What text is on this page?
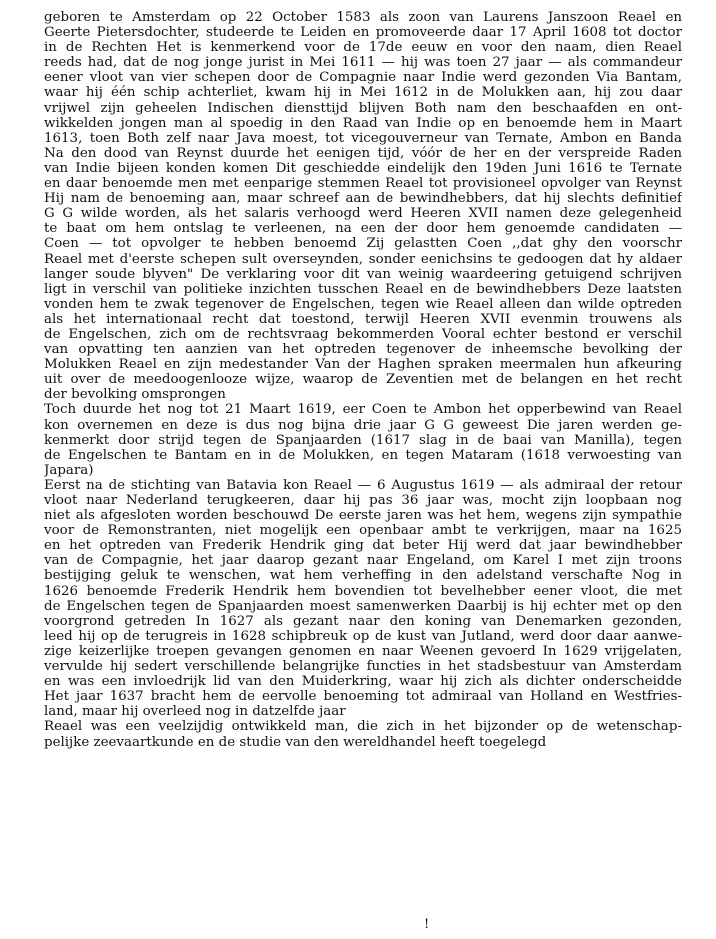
geboren te Amsterdam op 22 October 1583 als zoon van Laurens Janszoon Reael en
Geerte Pietersdochter, studeerde te Leiden en promoveerde daar 17 April 1608 tot doctor
in de Rechten Het is kenmerkend voor de 17de eeuw en voor den naam, dien Reael
reeds had, dat de nog jonge jurist in Mei 1611 — hij was toen 27 jaar — als commandeur
eener vloot van vier schepen door de Compagnie naar Indie werd gezonden Via Bantam,
waar hij één schip achterliet, kwam hij in Mei 1612 in de Molukken aan, hij zou daar
vrijwel zijn geheelen Indischen diensttijd blijven Both nam den beschaafden en ont-
wikkelden jongen man al spoedig in den Raad van Indie op en benoemde hem in Maart
1613, toen Both zelf naar Java moest, tot vicegouverneur van Ternate, Ambon en Banda
Na den dood van Reynst duurde het eenigen tijd, vóór de her en der verspreide Raden
van Indie bijeen konden komen Dit geschiedde eindelijk den 19den Juni 1616 te Ternate
en daar benoemde men met eenparige stemmen Reael tot provisioneel opvolger van Reynst
Hij nam de benoeming aan, maar schreef aan de bewindhebbers, dat hij slechts definitief
G G wilde worden, als het salaris verhoogd werd Heeren XVII namen deze gelegenheid
te baat om hem ontslag te verleenen, na een der door hem genoemde candidaten —
Coen — tot opvolger te hebben benoemd Zij gelastten Coen ,,dat ghy den voorschr
Reael met d'eerste schepen sult overseynden, sonder eenichsins te gedoogen dat hy aldaer
langer soude blyven" De verklaring voor dit van weinig waardeering getuigend schrijven
ligt in verschil van politieke inzichten tusschen Reael en de bewindhebbers Deze laatsten
vonden hem te zwak tegenover de Engelschen, tegen wie Reael alleen dan wilde optreden
als het internationaal recht dat toestond, terwijl Heeren XVII evenmin trouwens als
de Engelschen, zich om de rechtsvraag bekommerden Vooral echter bestond er verschil
van opvatting ten aanzien van het optreden tegenover de inheemsche bevolking der
Molukken Reael en zijn medestander Van der Haghen spraken meermalen hun afkeuring
uit over de meedoogenlooze wijze, waarop de Zeventien met de belangen en het recht
der bevolking omsprongen
Toch duurde het nog tot 21 Maart 1619, eer Coen te Ambon het opperbewind van Reael
kon overnemen en deze is dus nog bijna drie jaar G G geweest Die jaren werden ge-
kenmerkt door strijd tegen de Spanjaarden (1617 slag in de baai van Manilla), tegen
de Engelschen te Bantam en in de Molukken, en tegen Mataram (1618 verwoesting van
Japara)
Eerst na de stichting van Batavia kon Reael — 6 Augustus 1619 — als admiraal der retour
vloot naar Nederland terugkeeren, daar hij pas 36 jaar was, mocht zijn loopbaan nog
niet als afgesloten worden beschouwd De eerste jaren was het hem, wegens zijn sympathie
voor de Remonstranten, niet mogelijk een openbaar ambt te verkrijgen, maar na 1625
en het optreden van Frederik Hendrik ging dat beter Hij werd dat jaar bewindhebber
van de Compagnie, het jaar daarop gezant naar Engeland, om Karel I met zijn troons
bestijging geluk te wenschen, wat hem verheffing in den adelstand verschafte Nog in
1626 benoemde Frederik Hendrik hem bovendien tot bevelhebber eener vloot, die met
de Engelschen tegen de Spanjaarden moest samenwerken Daarbij is hij echter met op den
voorgrond getreden In 1627 als gezant naar den koning van Denemarken gezonden,
leed hij op de terugreis in 1628 schipbreuk op de kust van Jutland, werd door daar aanwe-
zige keizerlijke troepen gevangen genomen en naar Weenen gevoerd In 1629 vrijgelaten,
vervulde hij sedert verschillende belangrijke functies in het stadsbestuur van Amsterdam
en was een invloedrijk lid van den Muiderkring, waar hij zich als dichter onderscheidde
Het jaar 1637 bracht hem de eervolle benoeming tot admiraal van Holland en Westfries-
land, maar hij overleed nog in datzelfde jaar
Reael was een veelzijdig ontwikkeld man, die zich in het bijzonder op de wetenschap-
pelijke zeevaartkunde en de studie van den wereldhandel heeft toegelegd
!
